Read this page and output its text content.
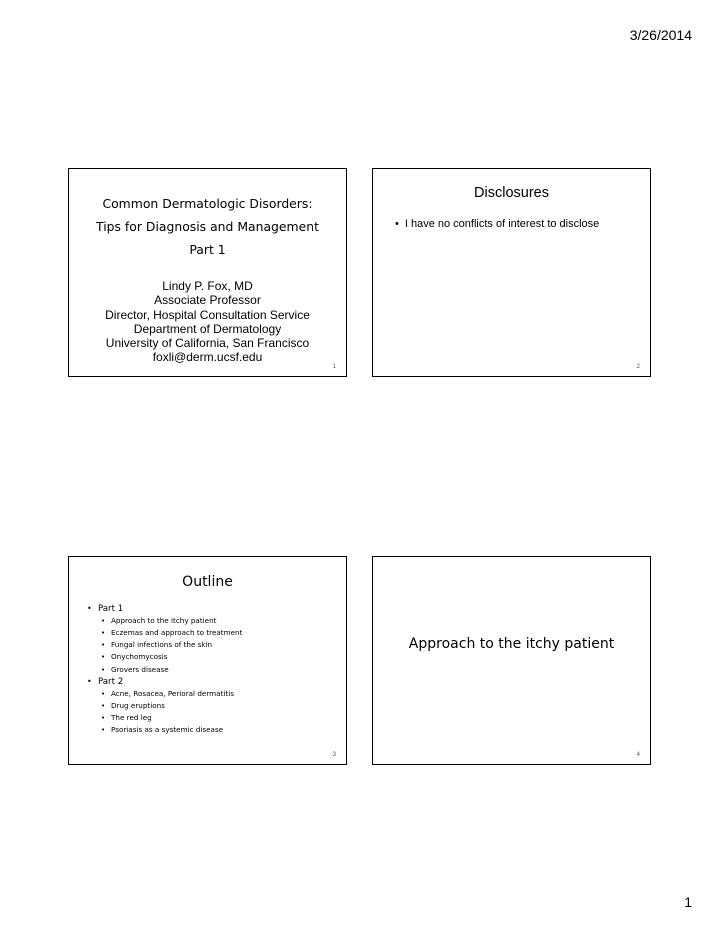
3/26/2014
Common Dermatologic Disorders:
Tips for Diagnosis and Management
Part 1
Lindy P. Fox, MD
Associate Professor
Director, Hospital Consultation Service
Department of Dermatology
University of California, San Francisco
foxli@derm.ucsf.edu
1
Disclosures
• I have no conflicts of interest to disclose
2
Outline
• Part 1
• Approach to the itchy patient
• Eczemas and approach to treatment
• Fungal infections of the skin
• Onychomycosis
• Grovers disease
• Part 2
• Acne, Rosacea, Perioral dermatitis
• Drug eruptions
• The red leg
• Psoriasis as a systemic disease
3
Approach to the itchy patient
4
1
